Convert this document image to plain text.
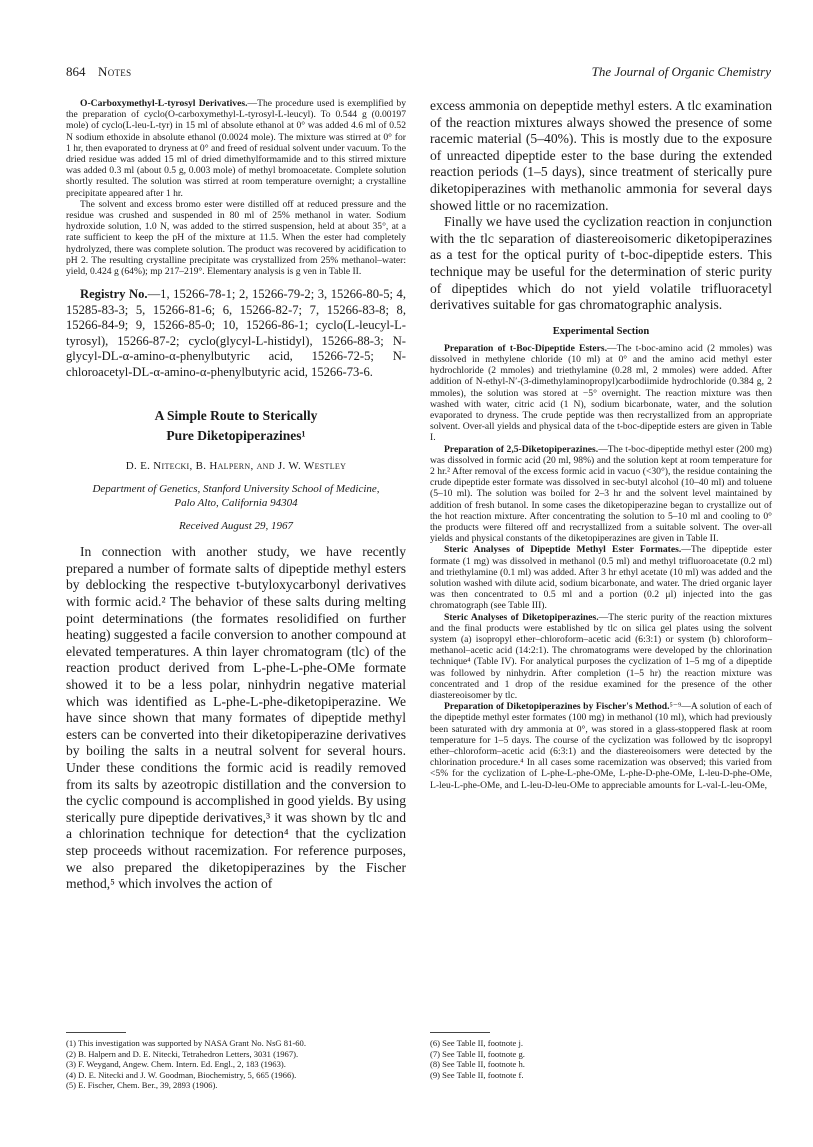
864 Notes	The Journal of Organic Chemistry

O-Carboxymethyl-L-tyrosyl Derivatives.—The procedure used is exemplified by the preparation of cyclo(O-carboxymethyl-L-tyrosyl-L-leucyl). To 0.544 g (0.00197 mole) of cyclo(L-leu-L-tyr) in 15 ml of absolute ethanol at 0° was added 4.6 ml of 0.52 N sodium ethoxide in absolute ethanol (0.0024 mole). The mixture was stirred at 0° for 1 hr, then evaporated to dryness at 0° and freed of residual solvent under vacuum. To the dried residue was added 15 ml of dried dimethylformamide and to this stirred mixture was added 0.3 ml (about 0.5 g, 0.003 mole) of methyl bromoacetate. Complete solution shortly resulted. The solution was stirred at room temperature overnight; a crystalline precipitate appeared after 1 hr.

The solvent and excess bromo ester were distilled off at reduced pressure and the residue was crushed and suspended in 80 ml of 25% methanol in water. Sodium hydroxide solution, 1.0 N, was added to the stirred suspension, held at about 35°, at a rate sufficient to keep the pH of the mixture at 11.5. When the ester had completely hydrolyzed, there was complete solution. The product was recovered by acidification to pH 2. The resulting crystalline precipitate was crystallized from 25% methanol–water: yield, 0.424 g (64%); mp 217–219°. Elementary analysis is g ven in Table II.

Registry No.—1, 15266-78-1; 2, 15266-79-2; 3, 15266-80-5; 4, 15285-83-3; 5, 15266-81-6; 6, 15266-82-7; 7, 15266-83-8; 8, 15266-84-9; 9, 15266-85-0; 10, 15266-86-1; cyclo(L-leucyl-L-tyrosyl), 15266-87-2; cyclo(glycyl-L-histidyl), 15266-88-3; N-glycyl-DL-α-amino-α-phenylbutyric acid, 15266-72-5; N-chloroacetyl-DL-α-amino-α-phenylbutyric acid, 15266-73-6.

A Simple Route to Sterically
Pure Diketopiperazines¹
D. E. Nitecki, B. Halpern, and J. W. Westley
Department of Genetics, Stanford University School of Medicine,
Palo Alto, California 94304
Received August 29, 1967

In connection with another study, we have recently prepared a number of formate salts of dipeptide methyl esters by deblocking the respective t-butyloxycarbonyl derivatives with formic acid.² The behavior of these salts during melting point determinations (the formates resolidified on further heating) suggested a facile conversion to another compound at elevated temperatures. A thin layer chromatogram (tlc) of the reaction product derived from L-phe-L-phe-OMe formate showed it to be a less polar, ninhydrin negative material which was identified as L-phe-L-phe-diketopiperazine. We have since shown that many formates of dipeptide methyl esters can be converted into their diketopiperazine derivatives by boiling the salts in a neutral solvent for several hours. Under these conditions the formic acid is readily removed from its salts by azeotropic distillation and the conversion to the cyclic compound is accomplished in good yields. By using sterically pure dipeptide derivatives,³ it was shown by tlc and a chlorination technique for detection⁴ that the cyclization step proceeds without racemization. For reference purposes, we also prepared the diketopiperazines by the Fischer method,⁵ which involves the action of

excess ammonia on depeptide methyl esters. A tlc examination of the reaction mixtures always showed the presence of some racemic material (5–40%). This is mostly due to the exposure of unreacted dipeptide ester to the base during the extended reaction periods (1–5 days), since treatment of sterically pure diketopiperazines with methanolic ammonia for several days showed little or no racemization.

Finally we have used the cyclization reaction in conjunction with the tlc separation of diastereoisomeric diketopiperazines as a test for the optical purity of t-boc-dipeptide esters. This technique may be useful for the determination of steric purity of dipeptides which do not yield volatile trifluoracetyl derivatives suitable for gas chromatographic analysis.

Experimental Section

Preparation of t-Boc-Dipeptide Esters.—The t-boc-amino acid (2 mmoles) was dissolved in methylene chloride (10 ml) at 0° and the amino acid methyl ester hydrochloride (2 mmoles) and triethylamine (0.28 ml, 2 mmoles) were added. After addition of N-ethyl-N′-(3-dimethylaminopropyl)carbodiimide hydrochloride (0.384 g, 2 mmoles), the solution was stored at −5° overnight. The reaction mixture was then washed with water, citric acid (1 N), sodium bicarbonate, water, and the solution evaporated to dryness. The crude peptide was then recrystallized from an appropriate solvent. Over-all yields and physical data of the t-boc-dipeptide esters are given in Table I.

Preparation of 2,5-Diketopiperazines.—The t-boc-dipeptide methyl ester (200 mg) was dissolved in formic acid (20 ml, 98%) and the solution kept at room temperature for 2 hr.² After removal of the excess formic acid in vacuo (<30°), the residue containing the crude dipeptide ester formate was dissolved in sec-butyl alcohol (10–40 ml) and toluene (5–10 ml). The solution was boiled for 2–3 hr and the solvent level maintained by addition of fresh butanol. In some cases the diketopiperazine began to crystallize out of the hot reaction mixture. After concentrating the solution to 5–10 ml and cooling to 0° the products were filtered off and recrystallized from a suitable solvent. The over-all yields and physical constants of the diketopiperazines are given in Table II.

Steric Analyses of Dipeptide Methyl Ester Formates.—The dipeptide ester formate (1 mg) was dissolved in methanol (0.5 ml) and methyl trifluoroacetate (0.2 ml) and triethylamine (0.1 ml) was added. After 3 hr ethyl acetate (10 ml) was added and the solution washed with dilute acid, sodium bicarbonate, and water. The dried organic layer was then concentrated to 0.5 ml and a portion (0.2 μl) injected into the gas chromatograph (see Table III).

Steric Analyses of Diketopiperazines.—The steric purity of the reaction mixtures and the final products were established by tlc on silica gel plates using the solvent system (a) isopropyl ether–chloroform–acetic acid (6:3:1) or system (b) chloroform–methanol–acetic acid (14:2:1). The chromatograms were developed by the chlorination technique⁴ (Table IV). For analytical purposes the cyclization of 1–5 mg of a dipeptide was followed by ninhydrin. After completion (1–5 hr) the reaction mixture was concentrated and 1 drop of the residue examined for the presence of the other diastereoisomer by tlc.

Preparation of Diketopiperazines by Fischer's Method.⁵⁻⁹—A solution of each of the dipeptide methyl ester formates (100 mg) in methanol (10 ml), which had previously been saturated with dry ammonia at 0°, was stored in a glass-stoppered flask at room temperature for 1–5 days. The course of the cyclization was followed by tlc isopropyl ether–chloroform–acetic acid (6:3:1) and the diastereoisomers were detected by the chlorination procedure.⁴ In all cases some racemization was observed; this varied from <5% for the cyclization of L-phe-L-phe-OMe, L-phe-D-phe-OMe, L-leu-D-phe-OMe, L-leu-L-phe-OMe, and L-leu-D-leu-OMe to appreciable amounts for L-val-L-leu-OMe,

(1) This investigation was supported by NASA Grant No. NsG 81-60.
(2) B. Halpern and D. E. Nitecki, Tetrahedron Letters, 3031 (1967).
(3) F. Weygand, Angew. Chem. Intern. Ed. Engl., 2, 183 (1963).
(4) D. E. Nitecki and J. W. Goodman, Biochemistry, 5, 665 (1966).
(5) E. Fischer, Chem. Ber., 39, 2893 (1906).
(6) See Table II, footnote j.
(7) See Table II, footnote g.
(8) See Table II, footnote h.
(9) See Table II, footnote f.
